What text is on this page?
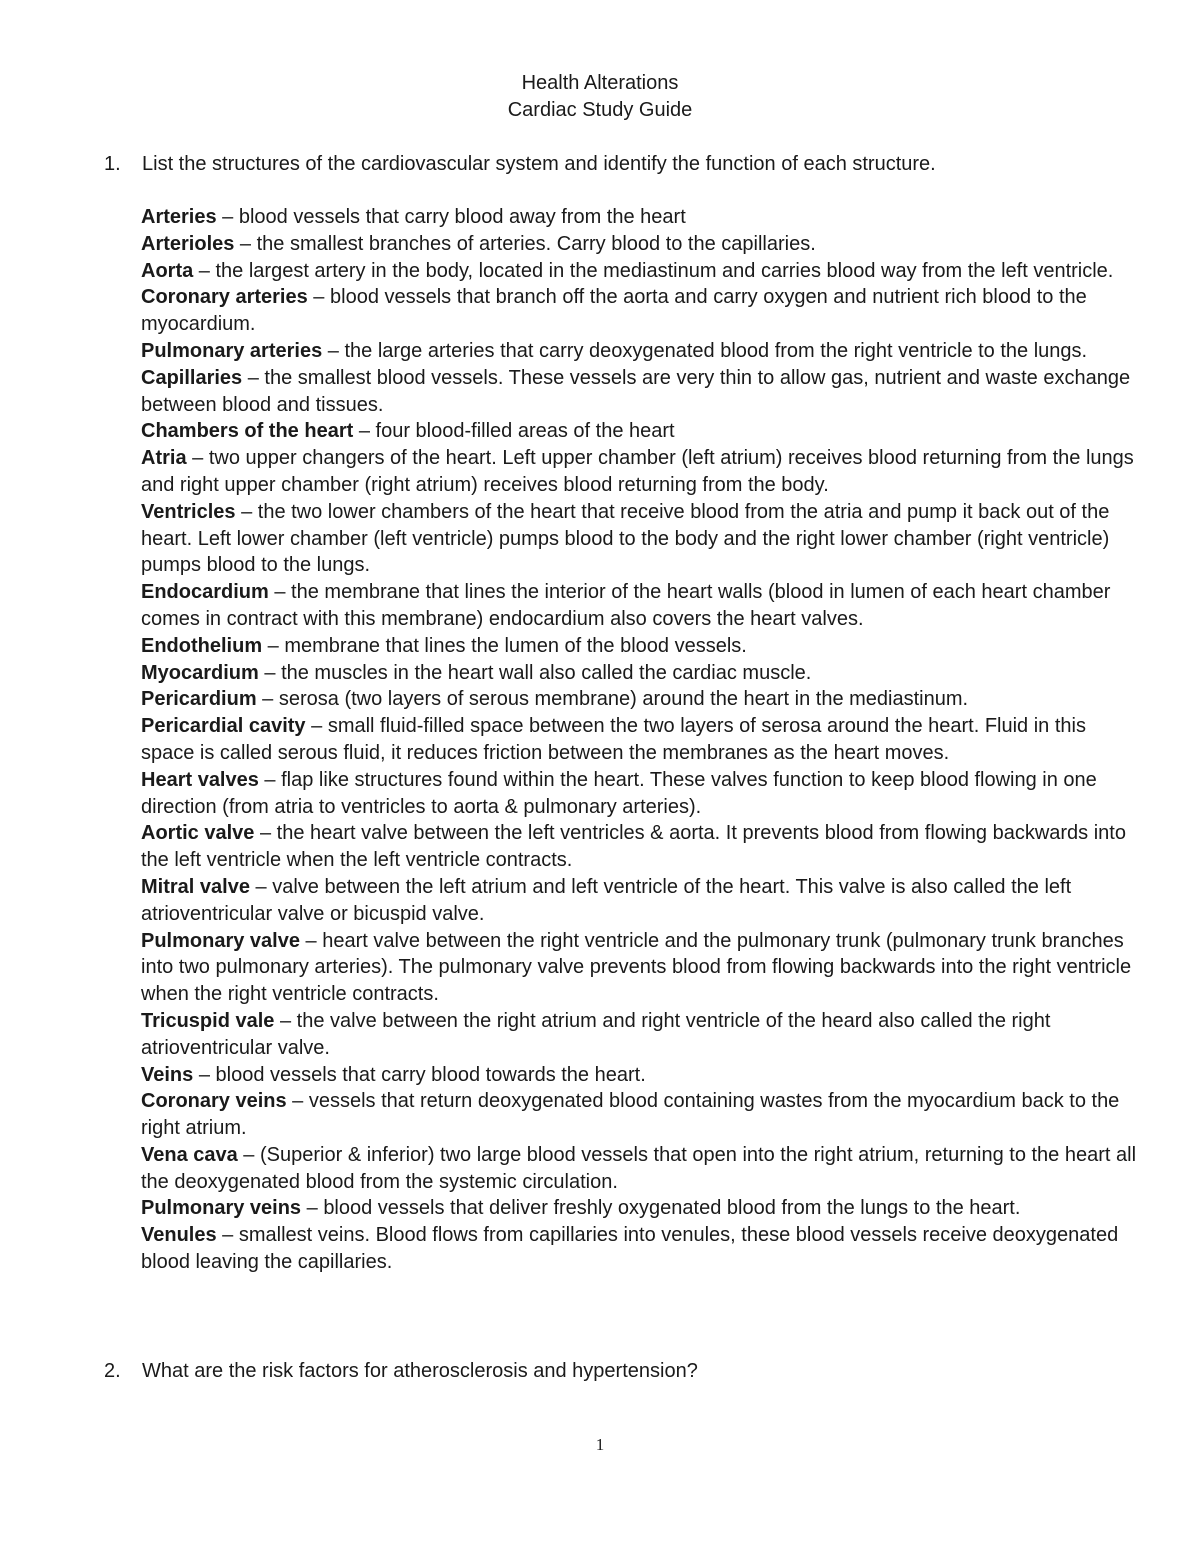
Health Alterations
Cardiac Study Guide
1. List the structures of the cardiovascular system and identify the function of each structure.

Arteries – blood vessels that carry blood away from the heart

Arterioles – the smallest branches of arteries. Carry blood to the capillaries.

Aorta – the largest artery in the body, located in the mediastinum and carries blood way from the left ventricle.

Coronary arteries – blood vessels that branch off the aorta and carry oxygen and nutrient rich blood to the myocardium.

Pulmonary arteries – the large arteries that carry deoxygenated blood from the right ventricle to the lungs.

Capillaries – the smallest blood vessels. These vessels are very thin to allow gas, nutrient and waste exchange between blood and tissues.

Chambers of the heart – four blood-filled areas of the heart

Atria – two upper changers of the heart. Left upper chamber (left atrium) receives blood returning from the lungs and right upper chamber (right atrium) receives blood returning from the body.

Ventricles – the two lower chambers of the heart that receive blood from the atria and pump it back out of the heart. Left lower chamber (left ventricle) pumps blood to the body and the right lower chamber (right ventricle) pumps blood to the lungs.

Endocardium – the membrane that lines the interior of the heart walls (blood in lumen of each heart chamber comes in contract with this membrane) endocardium also covers the heart valves.

Endothelium – membrane that lines the lumen of the blood vessels.

Myocardium – the muscles in the heart wall also called the cardiac muscle.

Pericardium – serosa (two layers of serous membrane) around the heart in the mediastinum.

Pericardial cavity – small fluid-filled space between the two layers of serosa around the heart. Fluid in this space is called serous fluid, it reduces friction between the membranes as the heart moves.

Heart valves – flap like structures found within the heart. These valves function to keep blood flowing in one direction (from atria to ventricles to aorta & pulmonary arteries).

Aortic valve – the heart valve between the left ventricles & aorta. It prevents blood from flowing backwards into the left ventricle when the left ventricle contracts.

Mitral valve – valve between the left atrium and left ventricle of the heart. This valve is also called the left atrioventricular valve or bicuspid valve.

Pulmonary valve – heart valve between the right ventricle and the pulmonary trunk (pulmonary trunk branches into two pulmonary arteries). The pulmonary valve prevents blood from flowing backwards into the right ventricle when the right ventricle contracts.

Tricuspid vale – the valve between the right atrium and right ventricle of the heard also called the right atrioventricular valve.

Veins – blood vessels that carry blood towards the heart.

Coronary veins – vessels that return deoxygenated blood containing wastes from the myocardium back to the right atrium.

Vena cava – (Superior & inferior) two large blood vessels that open into the right atrium, returning to the heart all the deoxygenated blood from the systemic circulation.

Pulmonary veins – blood vessels that deliver freshly oxygenated blood from the lungs to the heart.

Venules – smallest veins. Blood flows from capillaries into venules, these blood vessels receive deoxygenated blood leaving the capillaries.

2. What are the risk factors for atherosclerosis and hypertension?
1
